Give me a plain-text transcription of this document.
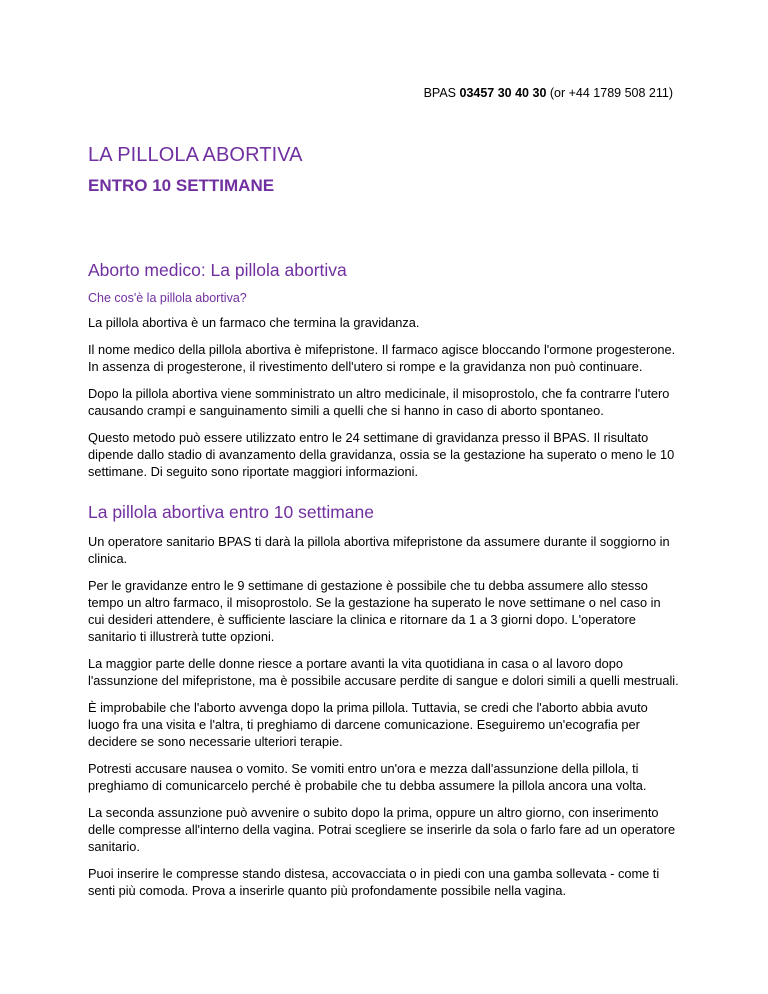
BPAS 03457 30 40 30 (or +44 1789 508 211)
LA PILLOLA ABORTIVA
ENTRO 10 SETTIMANE
Aborto medico: La pillola abortiva
Che cos'è la pillola abortiva?

La pillola abortiva è un farmaco che termina la gravidanza.

Il nome medico della pillola abortiva è mifepristone. Il farmaco agisce bloccando l'ormone progesterone. In assenza di progesterone, il rivestimento dell'utero si rompe e la gravidanza non può continuare.

Dopo la pillola abortiva viene somministrato un altro medicinale, il misoprostolo, che fa contrarre l'utero causando crampi e sanguinamento simili a quelli che si hanno in caso di aborto spontaneo.

Questo metodo può essere utilizzato entro le 24 settimane di gravidanza presso il BPAS. Il risultato dipende dallo stadio di avanzamento della gravidanza, ossia se la gestazione ha superato o meno le 10 settimane. Di seguito sono riportate maggiori informazioni.

La pillola abortiva entro 10 settimane

Un operatore sanitario BPAS ti darà la pillola abortiva mifepristone da assumere durante il soggiorno in clinica.

Per le gravidanze entro le 9 settimane di gestazione è possibile che tu debba assumere allo stesso tempo un altro farmaco, il misoprostolo. Se la gestazione ha superato le nove settimane o nel caso in cui desideri attendere, è sufficiente lasciare la clinica e ritornare da 1 a 3 giorni dopo. L'operatore sanitario ti illustrerà tutte opzioni.

La maggior parte delle donne riesce a portare avanti la vita quotidiana in casa o al lavoro dopo l'assunzione del mifepristone, ma è possibile accusare perdite di sangue e dolori simili a quelli mestruali.

È improbabile che l'aborto avvenga dopo la prima pillola. Tuttavia, se credi che l'aborto abbia avuto luogo fra una visita e l'altra, ti preghiamo di darcene comunicazione. Eseguiremo un'ecografia per decidere se sono necessarie ulteriori terapie.

Potresti accusare nausea o vomito. Se vomiti entro un'ora e mezza dall'assunzione della pillola, ti preghiamo di comunicarcelo perché è probabile che tu debba assumere la pillola ancora una volta.

La seconda assunzione può avvenire o subito dopo la prima, oppure un altro giorno, con inserimento delle compresse all'interno della vagina. Potrai scegliere se inserirle da sola o farlo fare ad un operatore sanitario.

Puoi inserire le compresse stando distesa, accovacciata o in piedi con una gamba sollevata - come ti senti più comoda. Prova a inserirle quanto più profondamente possibile nella vagina.
